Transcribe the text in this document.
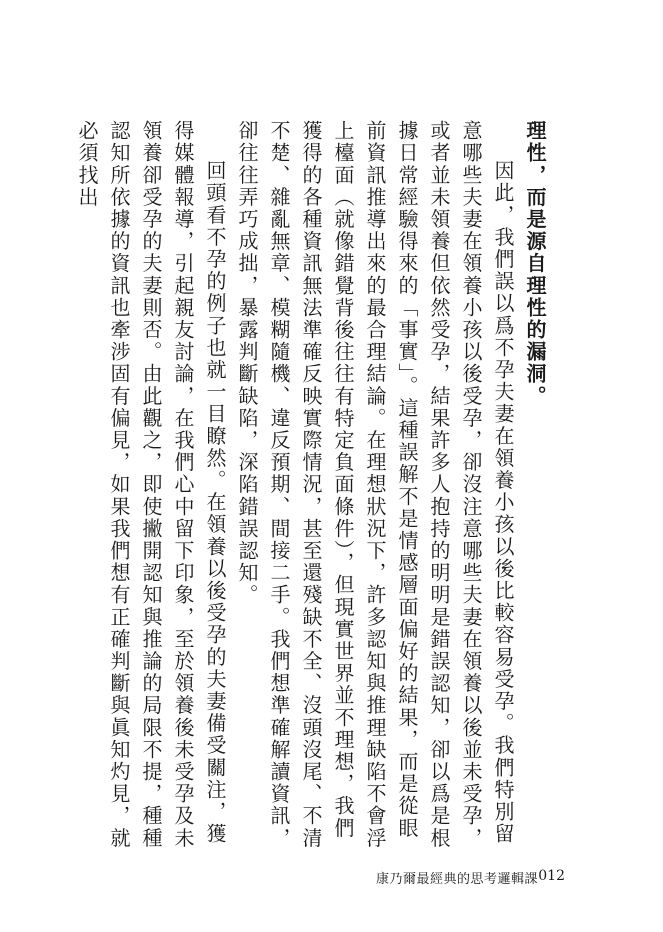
理性，而是源自理性的漏洞。

因此，我們誤以爲不孕夫妻在領養小孩以後比較容易受孕。我們特別留意哪些夫妻在領養小孩以後受孕，卻沒注意哪些夫妻在領養以後並未受孕，或者並未領養但依然受孕，結果許多人抱持的明明是錯誤認知，卻以爲是根據日常經驗得來的「事實」。這種誤解不是情感層面偏好的結果，而是從眼前資訊推導出來的最合理結論。在理想狀況下，許多認知與推理缺陷不會浮上檯面（就像錯覺背後往往有特定負面條件），但現實世界並不理想，我們獲得的各種資訊無法準確反映實際情況，甚至還殘缺不全、沒頭沒尾、不清不楚、雜亂無章、模糊隨機、違反預期、間接二手。我們想準確解讀資訊，卻往往弄巧成拙，暴露判斷缺陷，深陷錯誤認知。

回頭看不孕的例子也就一目瞭然。在領養以後受孕的夫妻備受關注，獲得媒體報導，引起親友討論，在我們心中留下印象，至於領養後未受孕及未領養卻受孕的夫妻則否。由此觀之，即使撇開認知與推論的局限不提，種種認知所依據的資訊也牽涉固有偏見，如果我們想有正確判斷與眞知灼見，就必須找出

康乃爾最經典的思考邏輯課 012
